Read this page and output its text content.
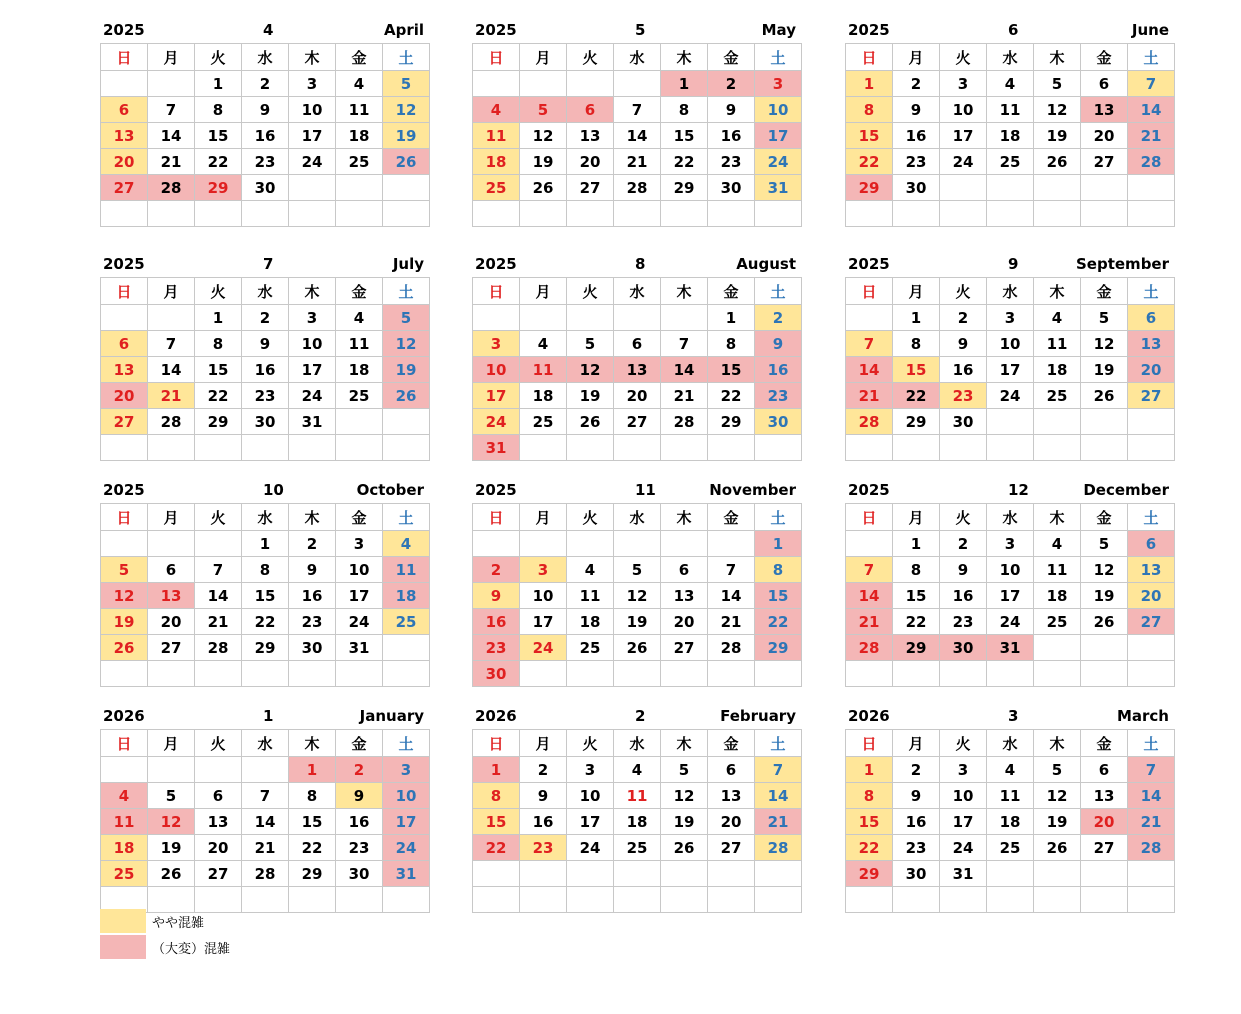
2025	4	April
日	月	火	水	木	金	土
		1	2	3	4	5
6	7	8	9	10	11	12
13	14	15	16	17	18	19
20	21	22	23	24	25	26
27	28	29	30			

2025	5	May
日	月	火	水	木	金	土
				1	2	3
4	5	6	7	8	9	10
11	12	13	14	15	16	17
18	19	20	21	22	23	24
25	26	27	28	29	30	31

2025	6	June
日	月	火	水	木	金	土
1	2	3	4	5	6	7
8	9	10	11	12	13	14
15	16	17	18	19	20	21
22	23	24	25	26	27	28
29	30					

2025	7	July
日	月	火	水	木	金	土
		1	2	3	4	5
6	7	8	9	10	11	12
13	14	15	16	17	18	19
20	21	22	23	24	25	26
27	28	29	30	31		

2025	8	August
日	月	火	水	木	金	土
					1	2
3	4	5	6	7	8	9
10	11	12	13	14	15	16
17	18	19	20	21	22	23
24	25	26	27	28	29	30
31						
2025	9	September
日	月	火	水	木	金	土
	1	2	3	4	5	6
7	8	9	10	11	12	13
14	15	16	17	18	19	20
21	22	23	24	25	26	27
28	29	30				

2025	10	October
日	月	火	水	木	金	土
			1	2	3	4
5	6	7	8	9	10	11
12	13	14	15	16	17	18
19	20	21	22	23	24	25
26	27	28	29	30	31	

2025	11	November
日	月	火	水	木	金	土
						1
2	3	4	5	6	7	8
9	10	11	12	13	14	15
16	17	18	19	20	21	22
23	24	25	26	27	28	29
30						
2025	12	December
日	月	火	水	木	金	土
	1	2	3	4	5	6
7	8	9	10	11	12	13
14	15	16	17	18	19	20
21	22	23	24	25	26	27
28	29	30	31			

2026	1	January
日	月	火	水	木	金	土
				1	2	3
4	5	6	7	8	9	10
11	12	13	14	15	16	17
18	19	20	21	22	23	24
25	26	27	28	29	30	31

2026	2	February
日	月	火	水	木	金	土
1	2	3	4	5	6	7
8	9	10	11	12	13	14
15	16	17	18	19	20	21
22	23	24	25	26	27	28

2026	3	March
日	月	火	水	木	金	土
1	2	3	4	5	6	7
8	9	10	11	12	13	14
15	16	17	18	19	20	21
22	23	24	25	26	27	28
29	30	31				

やや混雑
（大変）混雑
